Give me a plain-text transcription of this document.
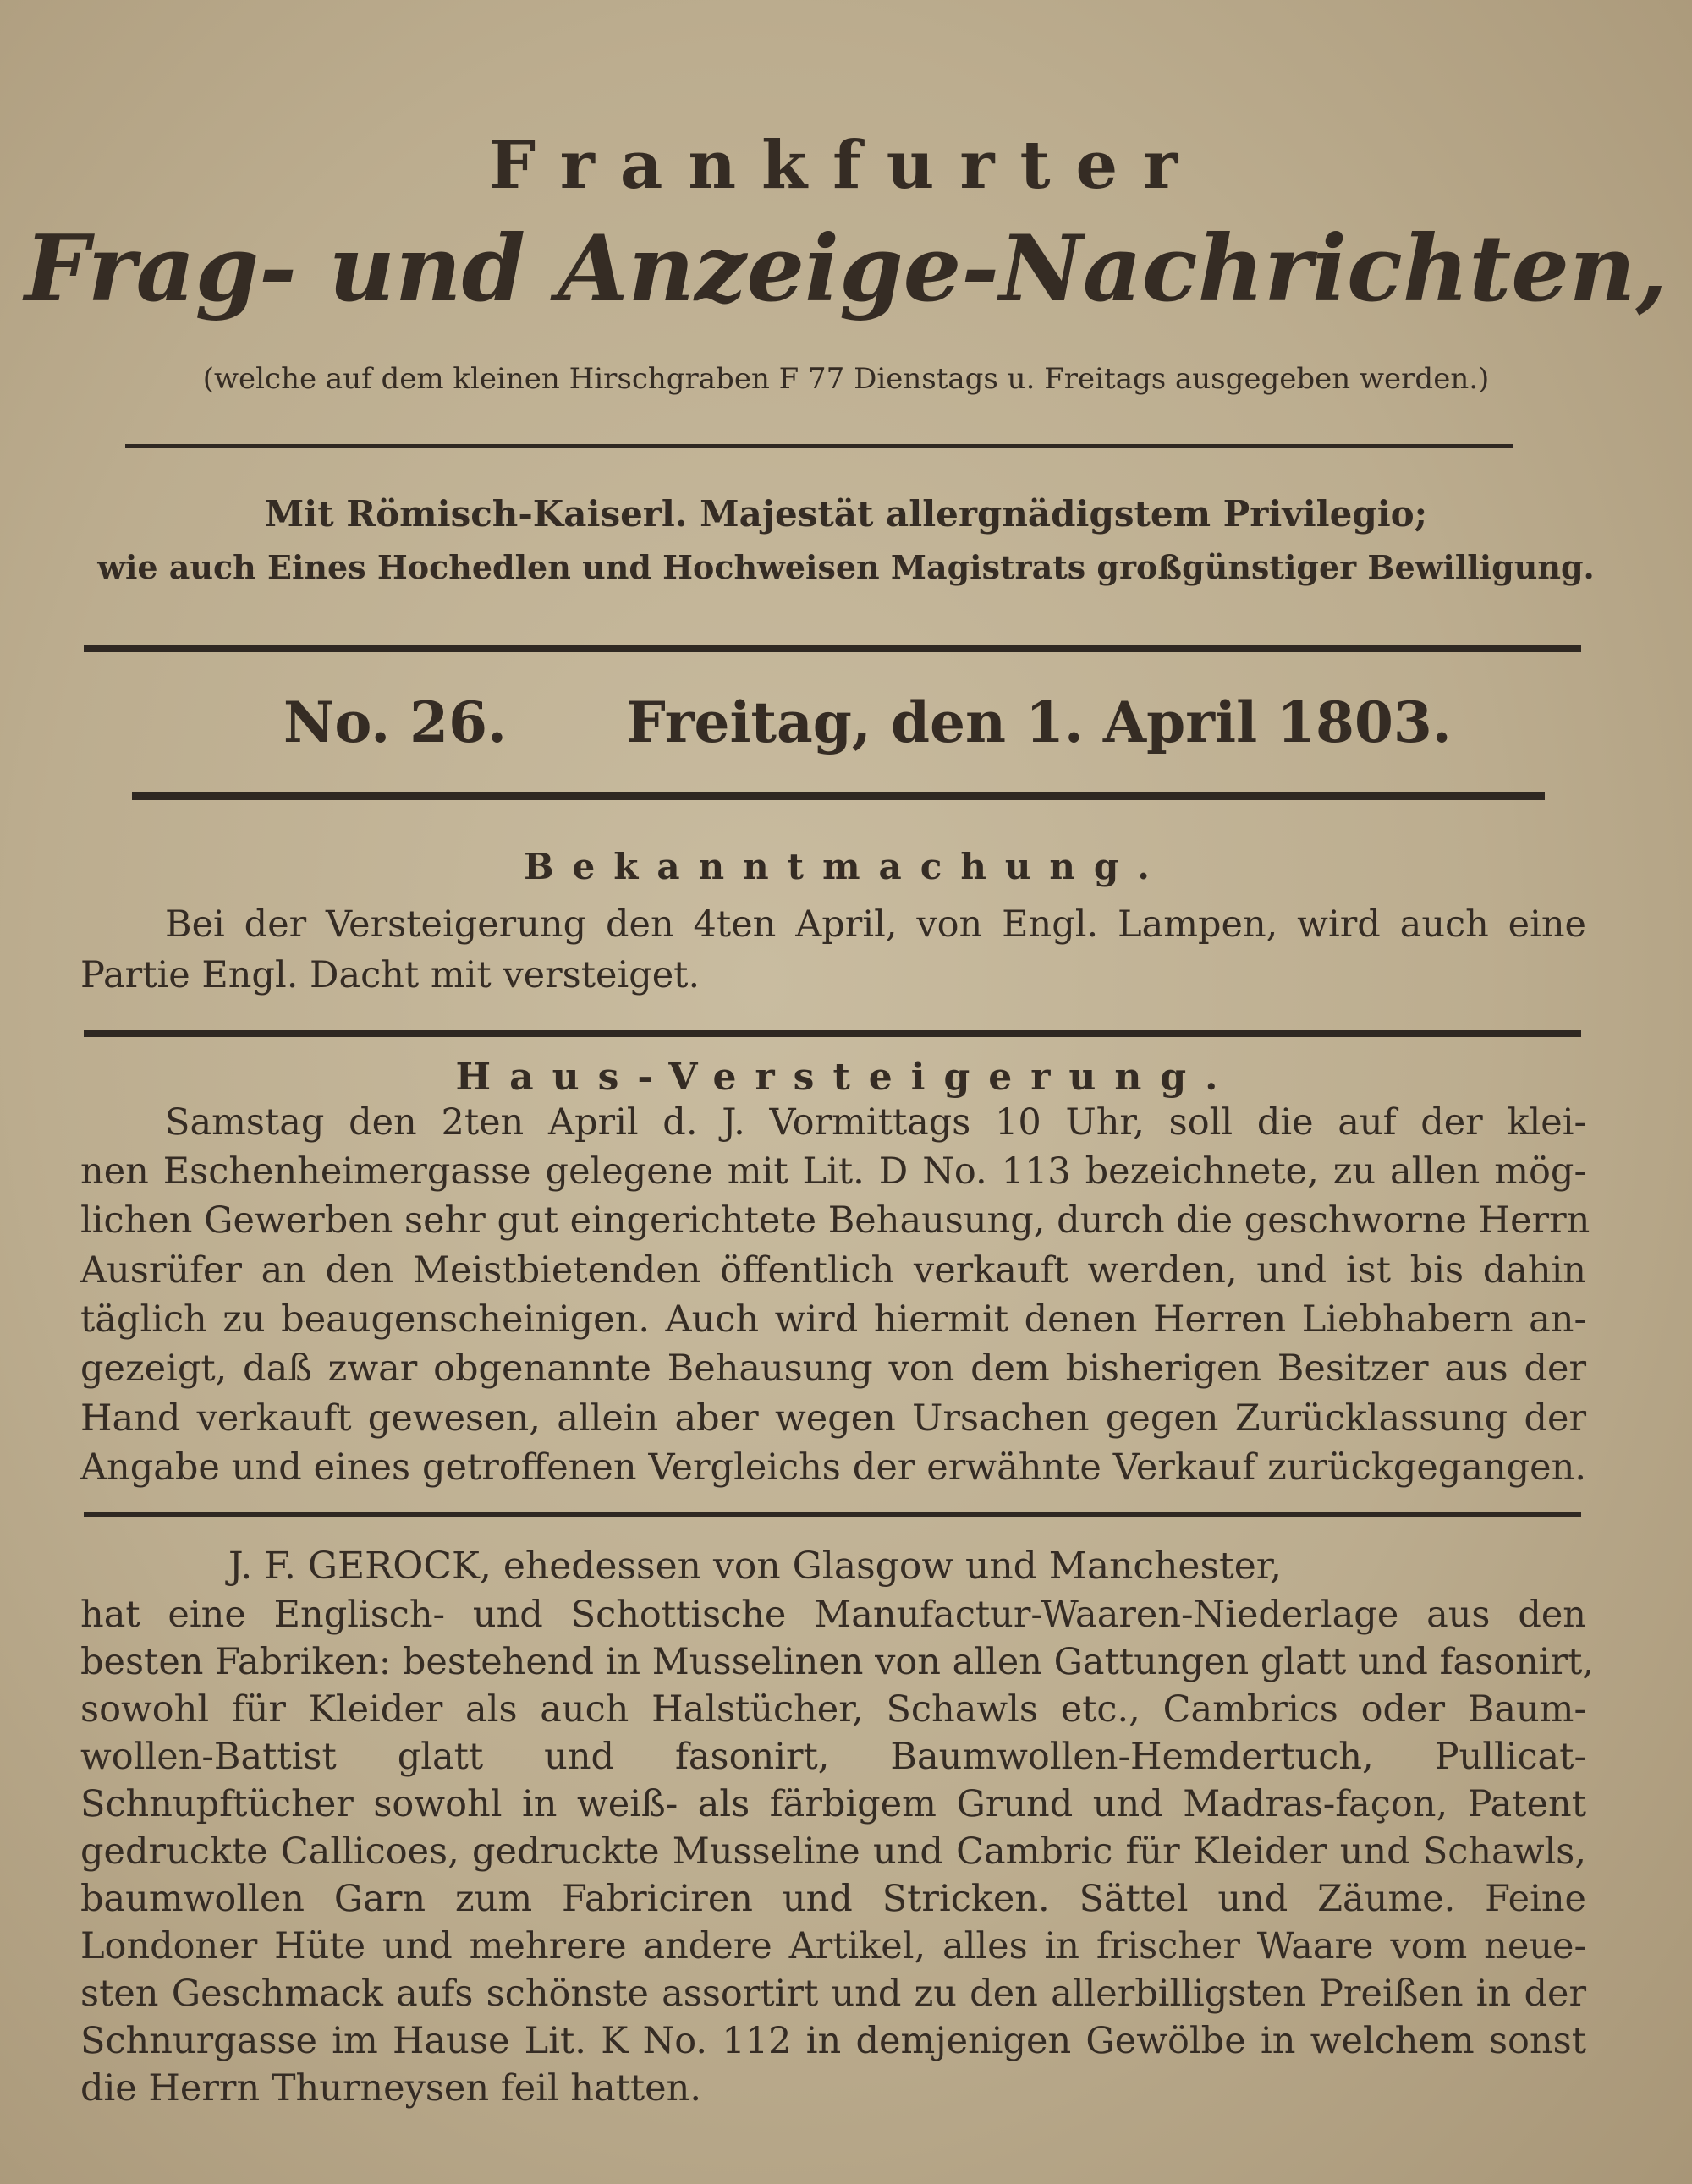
Frankfurter
Frag- und Anzeige-Nachrichten,
(welche auf dem kleinen Hirschgraben F 77 Dienstags u. Freitags ausgegeben werden.)
Mit Römisch-Kaiserl. Majestät allergnädigstem Privilegio;
wie auch Eines Hochedlen und Hochweisen Magistrats großgünstiger Bewilligung.
No. 26. Freitag, den 1. April 1803.
Bekanntmachung.
Bei der Versteigerung den 4ten April, von Engl. Lampen, wird auch eine
Partie Engl. Dacht mit versteiget.
Haus-Versteigerung.
Samstag den 2ten April d. J. Vormittags 10 Uhr, soll die auf der klei-
nen Eschenheimergasse gelegene mit Lit. D No. 113 bezeichnete, zu allen mög-
lichen Gewerben sehr gut eingerichtete Behausung, durch die geschworne Herrn
Ausrüfer an den Meistbietenden öffentlich verkauft werden, und ist bis dahin
täglich zu beaugenscheinigen. Auch wird hiermit denen Herren Liebhabern an-
gezeigt, daß zwar obgenannte Behausung von dem bisherigen Besitzer aus der
Hand verkauft gewesen, allein aber wegen Ursachen gegen Zurücklassung der
Angabe und eines getroffenen Vergleichs der erwähnte Verkauf zurückgegangen.
J. F. GEROCK, ehedessen von Glasgow und Manchester,
hat eine Englisch- und Schottische Manufactur-Waaren-Niederlage aus den
besten Fabriken: bestehend in Musselinen von allen Gattungen glatt und fasonirt,
sowohl für Kleider als auch Halstücher, Schawls etc., Cambrics oder Baum-
wollen-Battist glatt und fasonirt, Baumwollen-Hemdertuch, Pullicat-
Schnupftücher sowohl in weiß- als färbigem Grund und Madras-façon, Patent
gedruckte Callicoes, gedruckte Musseline und Cambric für Kleider und Schawls,
baumwollen Garn zum Fabriciren und Stricken. Sättel und Zäume. Feine
Londoner Hüte und mehrere andere Artikel, alles in frischer Waare vom neue-
sten Geschmack aufs schönste assortirt und zu den allerbilligsten Preißen in der
Schnurgasse im Hause Lit. K No. 112 in demjenigen Gewölbe in welchem sonst
die Herrn Thurneysen feil hatten.
